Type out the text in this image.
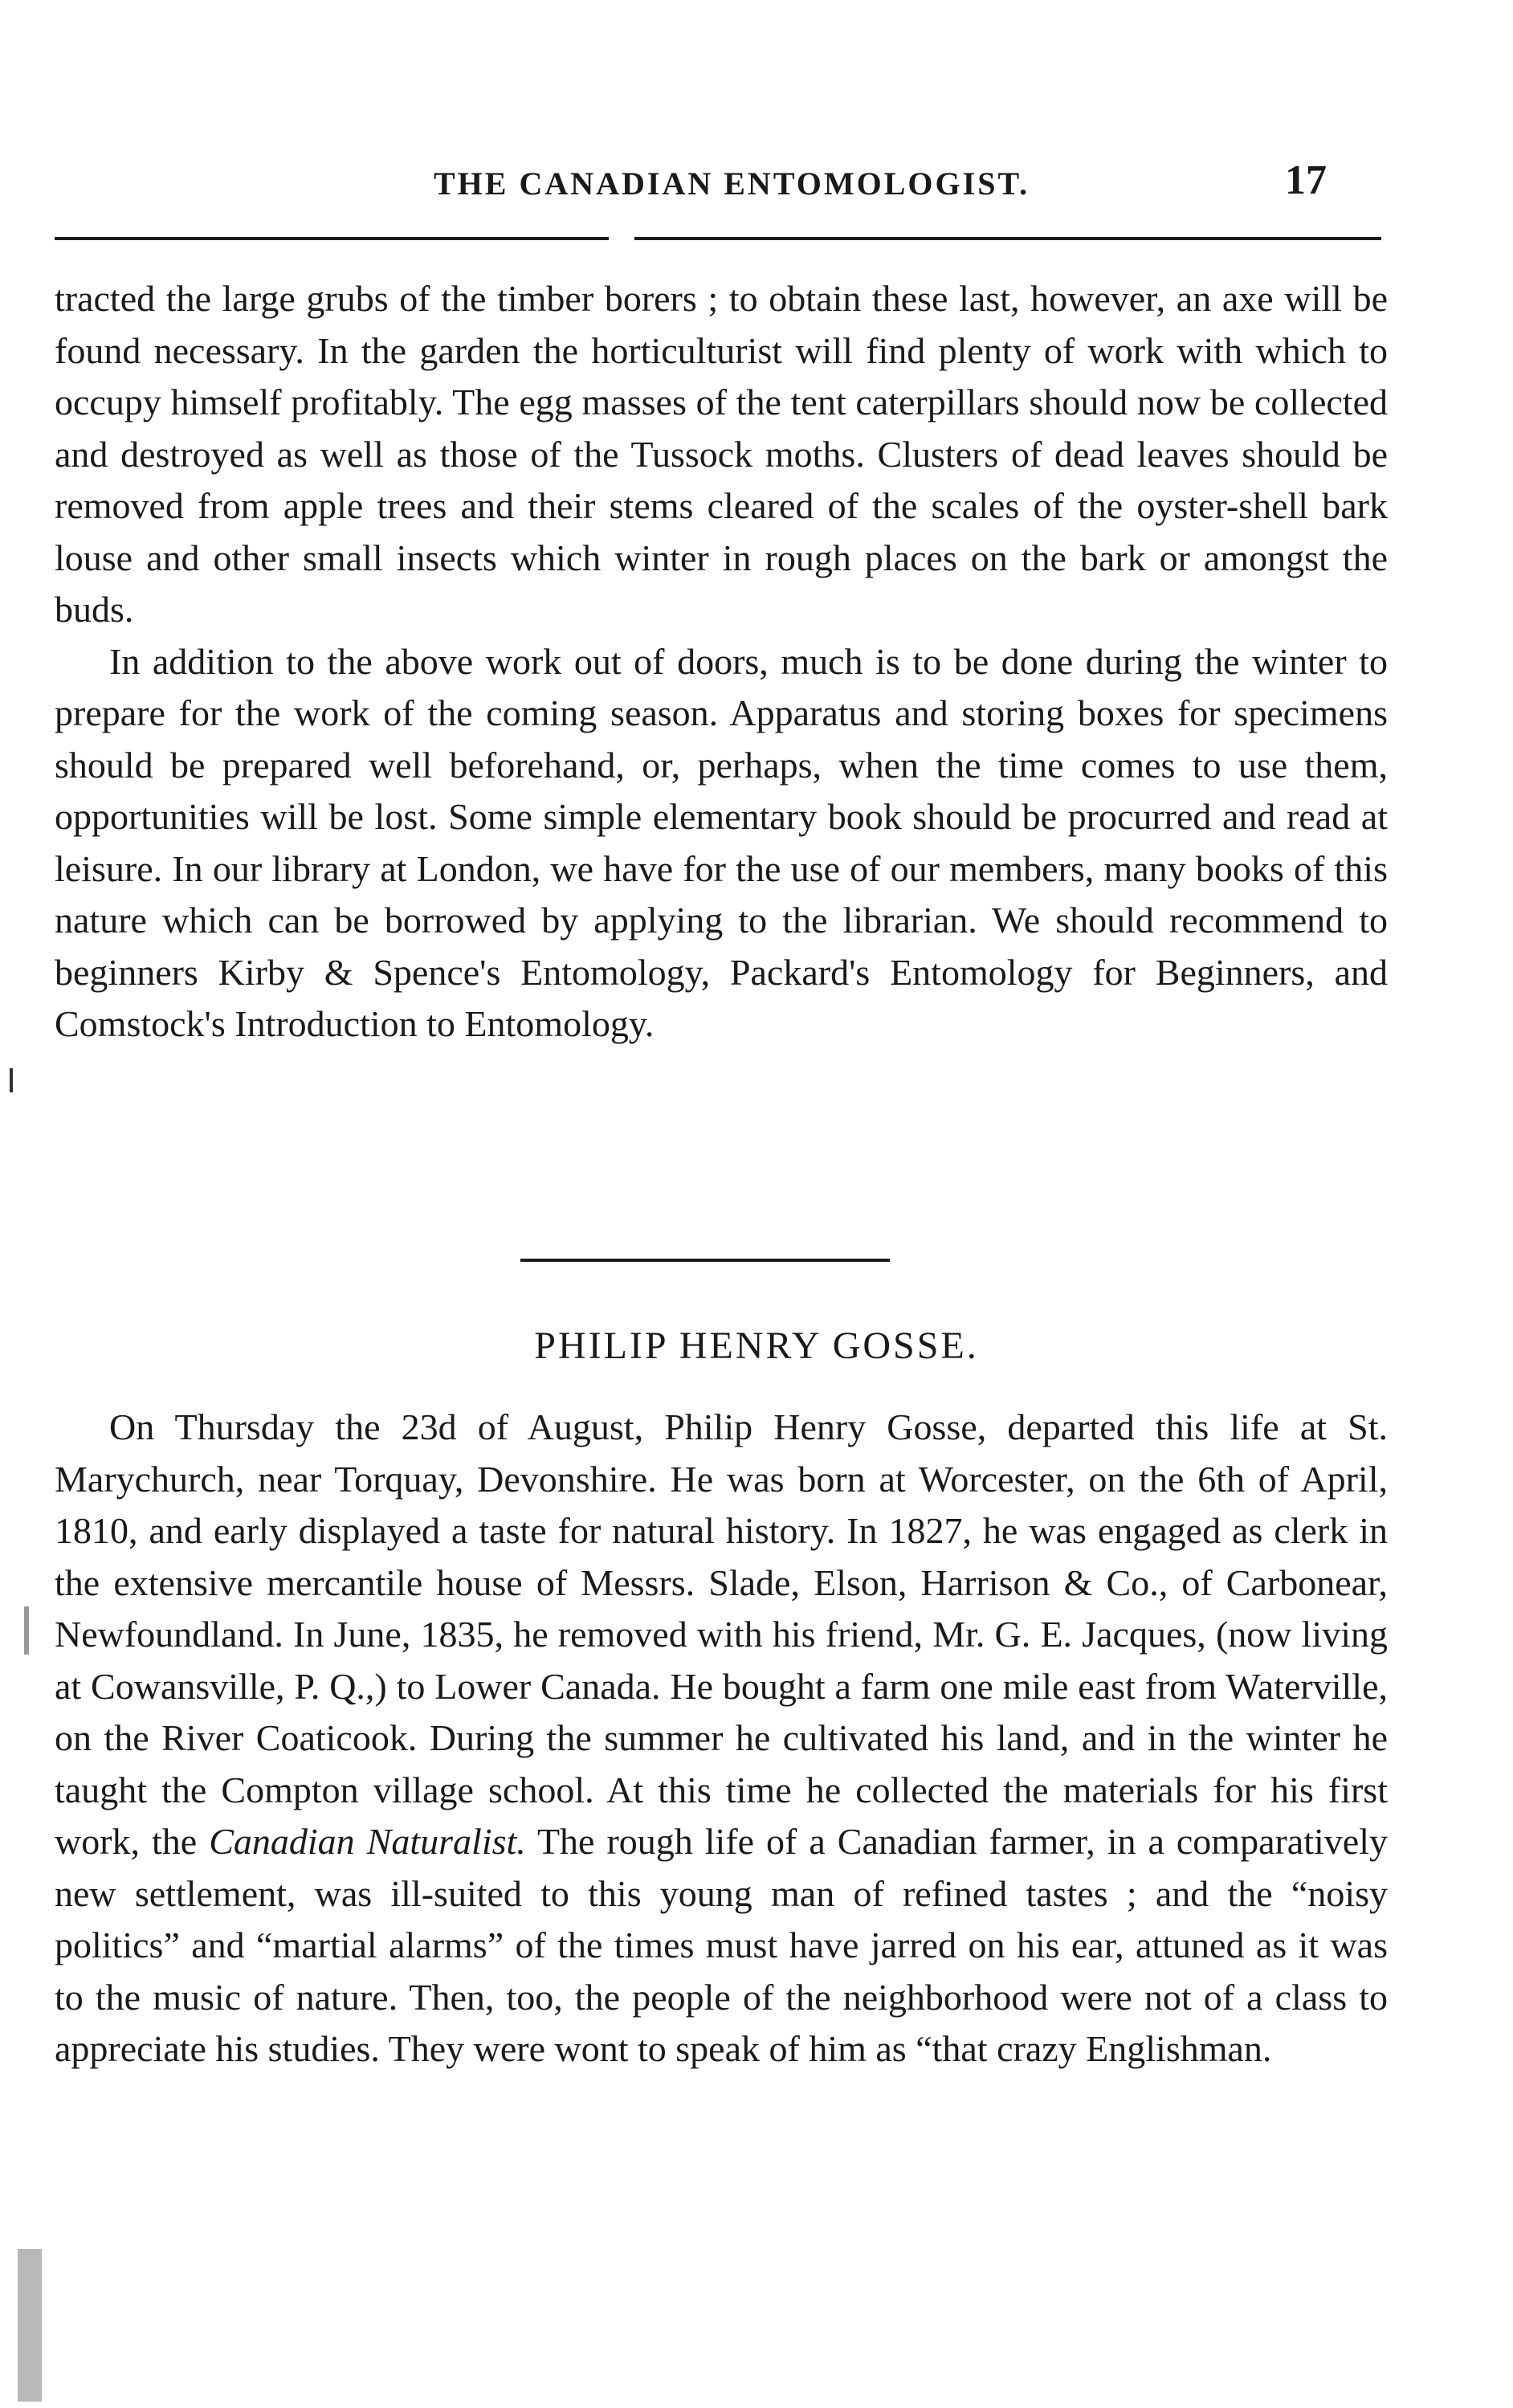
THE CANADIAN ENTOMOLOGIST.	17

tracted the large grubs of the timber borers ; to obtain these last, however, an axe will be found necessary. In the garden the horticulturist will find plenty of work with which to occupy himself profitably. The egg masses of the tent caterpillars should now be collected and destroyed as well as those of the Tussock moths. Clusters of dead leaves should be removed from apple trees and their stems cleared of the scales of the oyster-shell bark louse and other small insects which winter in rough places on the bark or amongst the buds.

In addition to the above work out of doors, much is to be done during the winter to prepare for the work of the coming season. Apparatus and storing boxes for specimens should be prepared well beforehand, or, perhaps, when the time comes to use them, opportunities will be lost. Some simple elementary book should be procurred and read at leisure. In our library at London, we have for the use of our members, many books of this nature which can be borrowed by applying to the librarian. We should recommend to beginners Kirby & Spence's Entomology, Packard's Entomology for Beginners, and Comstock's Introduction to Entomology.

PHILIP HENRY GOSSE.

On Thursday the 23d of August, Philip Henry Gosse, departed this life at St. Marychurch, near Torquay, Devonshire. He was born at Worcester, on the 6th of April, 1810, and early displayed a taste for natural history. In 1827, he was engaged as clerk in the extensive mercantile house of Messrs. Slade, Elson, Harrison & Co., of Carbonear, Newfoundland. In June, 1835, he removed with his friend, Mr. G. E. Jacques, (now living at Cowansville, P. Q.,) to Lower Canada. He bought a farm one mile east from Waterville, on the River Coaticook. During the summer he cultivated his land, and in the winter he taught the Compton village school. At this time he collected the materials for his first work, the Canadian Naturalist. The rough life of a Canadian farmer, in a comparatively new settlement, was ill-suited to this young man of refined tastes ; and the “noisy politics” and “martial alarms” of the times must have jarred on his ear, attuned as it was to the music of nature. Then, too, the people of the neighborhood were not of a class to appreciate his studies. They were wont to speak of him as “that crazy Englishman.
